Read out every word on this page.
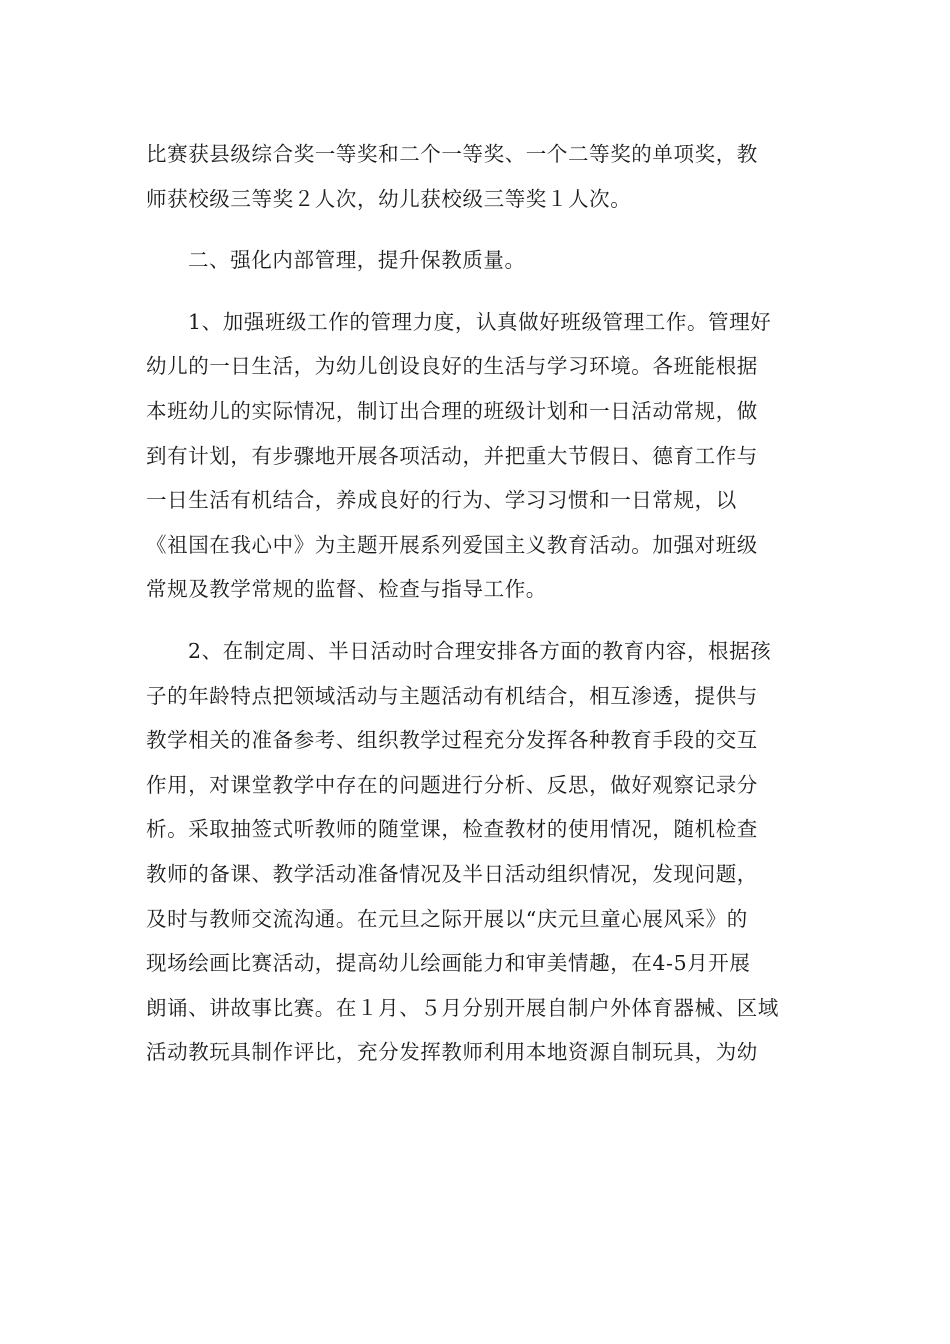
比赛获县级综合奖一等奖和二个一等奖、一个二等奖的单项奖，教
师获校级三等奖２人次，幼儿获校级三等奖１人次。
二、强化内部管理，提升保教质量。
1、加强班级工作的管理力度，认真做好班级管理工作。管理好
幼儿的一日生活，为幼儿创设良好的生活与学习环境。各班能根据
本班幼儿的实际情况，制订出合理的班级计划和一日活动常规，做
到有计划，有步骤地开展各项活动，并把重大节假日、德育工作与
一日生活有机结合，养成良好的行为、学习习惯和一日常规，以
《祖国在我心中》为主题开展系列爱国主义教育活动。加强对班级
常规及教学常规的监督、检查与指导工作。
2、在制定周、半日活动时合理安排各方面的教育内容，根据孩
子的年龄特点把领域活动与主题活动有机结合，相互渗透，提供与
教学相关的准备参考、组织教学过程充分发挥各种教育手段的交互
作用，对课堂教学中存在的问题进行分析、反思，做好观察记录分
析。采取抽签式听教师的随堂课，检查教材的使用情况，随机检查
教师的备课、教学活动准备情况及半日活动组织情况，发现问题，
及时与教师交流沟通。在元旦之际开展以“庆元旦童心展风采》的
现场绘画比赛活动，提高幼儿绘画能力和审美情趣，在4-5月开展
朗诵、讲故事比赛。在１月、５月分别开展自制户外体育器械、区域
活动教玩具制作评比，充分发挥教师利用本地资源自制玩具，为幼
